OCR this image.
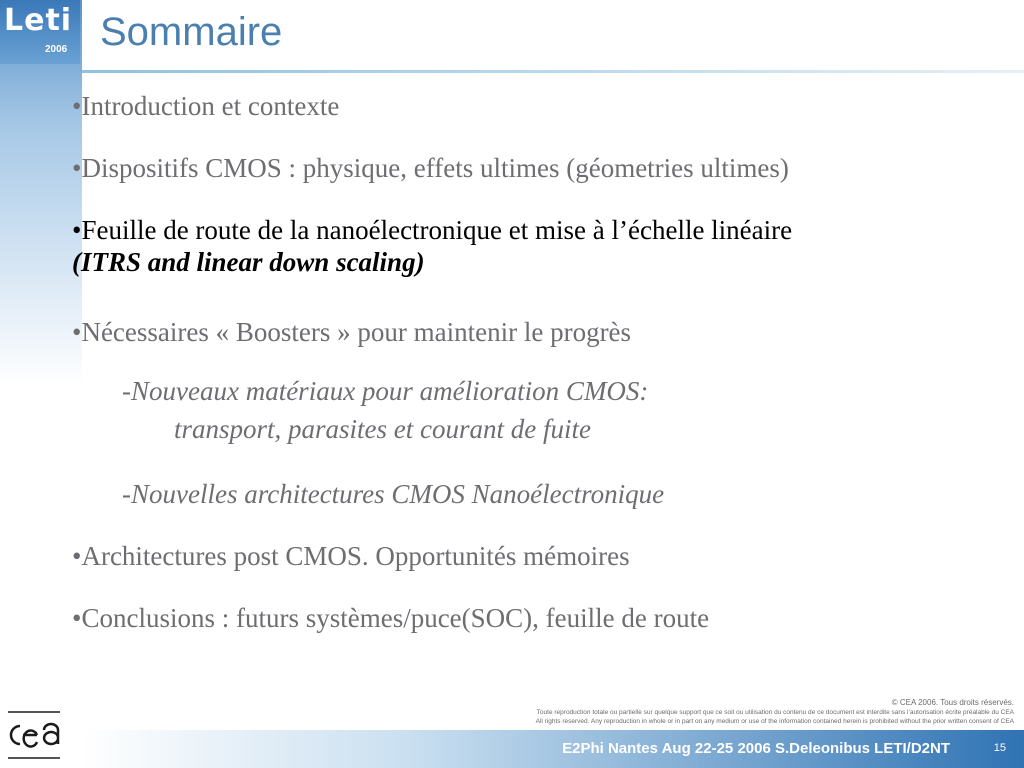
Leti
2006 Sommaire
•Introduction et contexte
•Dispositifs CMOS : physique, effets ultimes (géometries ultimes)
•Feuille de route de la nanoélectronique et mise à l’échelle linéaire
(ITRS and linear down scaling)
•Nécessaires « Boosters » pour maintenir le progrès
-Nouveaux matériaux pour amélioration CMOS:
transport, parasites et courant de fuite
-Nouvelles architectures CMOS Nanoélectronique
•Architectures post CMOS. Opportunités mémoires
•Conclusions : futurs systèmes/puce(SOC), feuille de route
© CEA 2006. Tous droits réservés.
Toute reproduction totale ou partielle sur quelque support que ce soit ou utilisation du contenu de ce document est interdite sans l’autorisation écrite préalable du CEA
All rights reserved. Any reproduction in whole or in part on any medium or use of the information contained herein is prohibited without the prior written consent of CEA
E2Phi Nantes Aug 22-25 2006 S.Deleonibus LETI/D2NT	15
